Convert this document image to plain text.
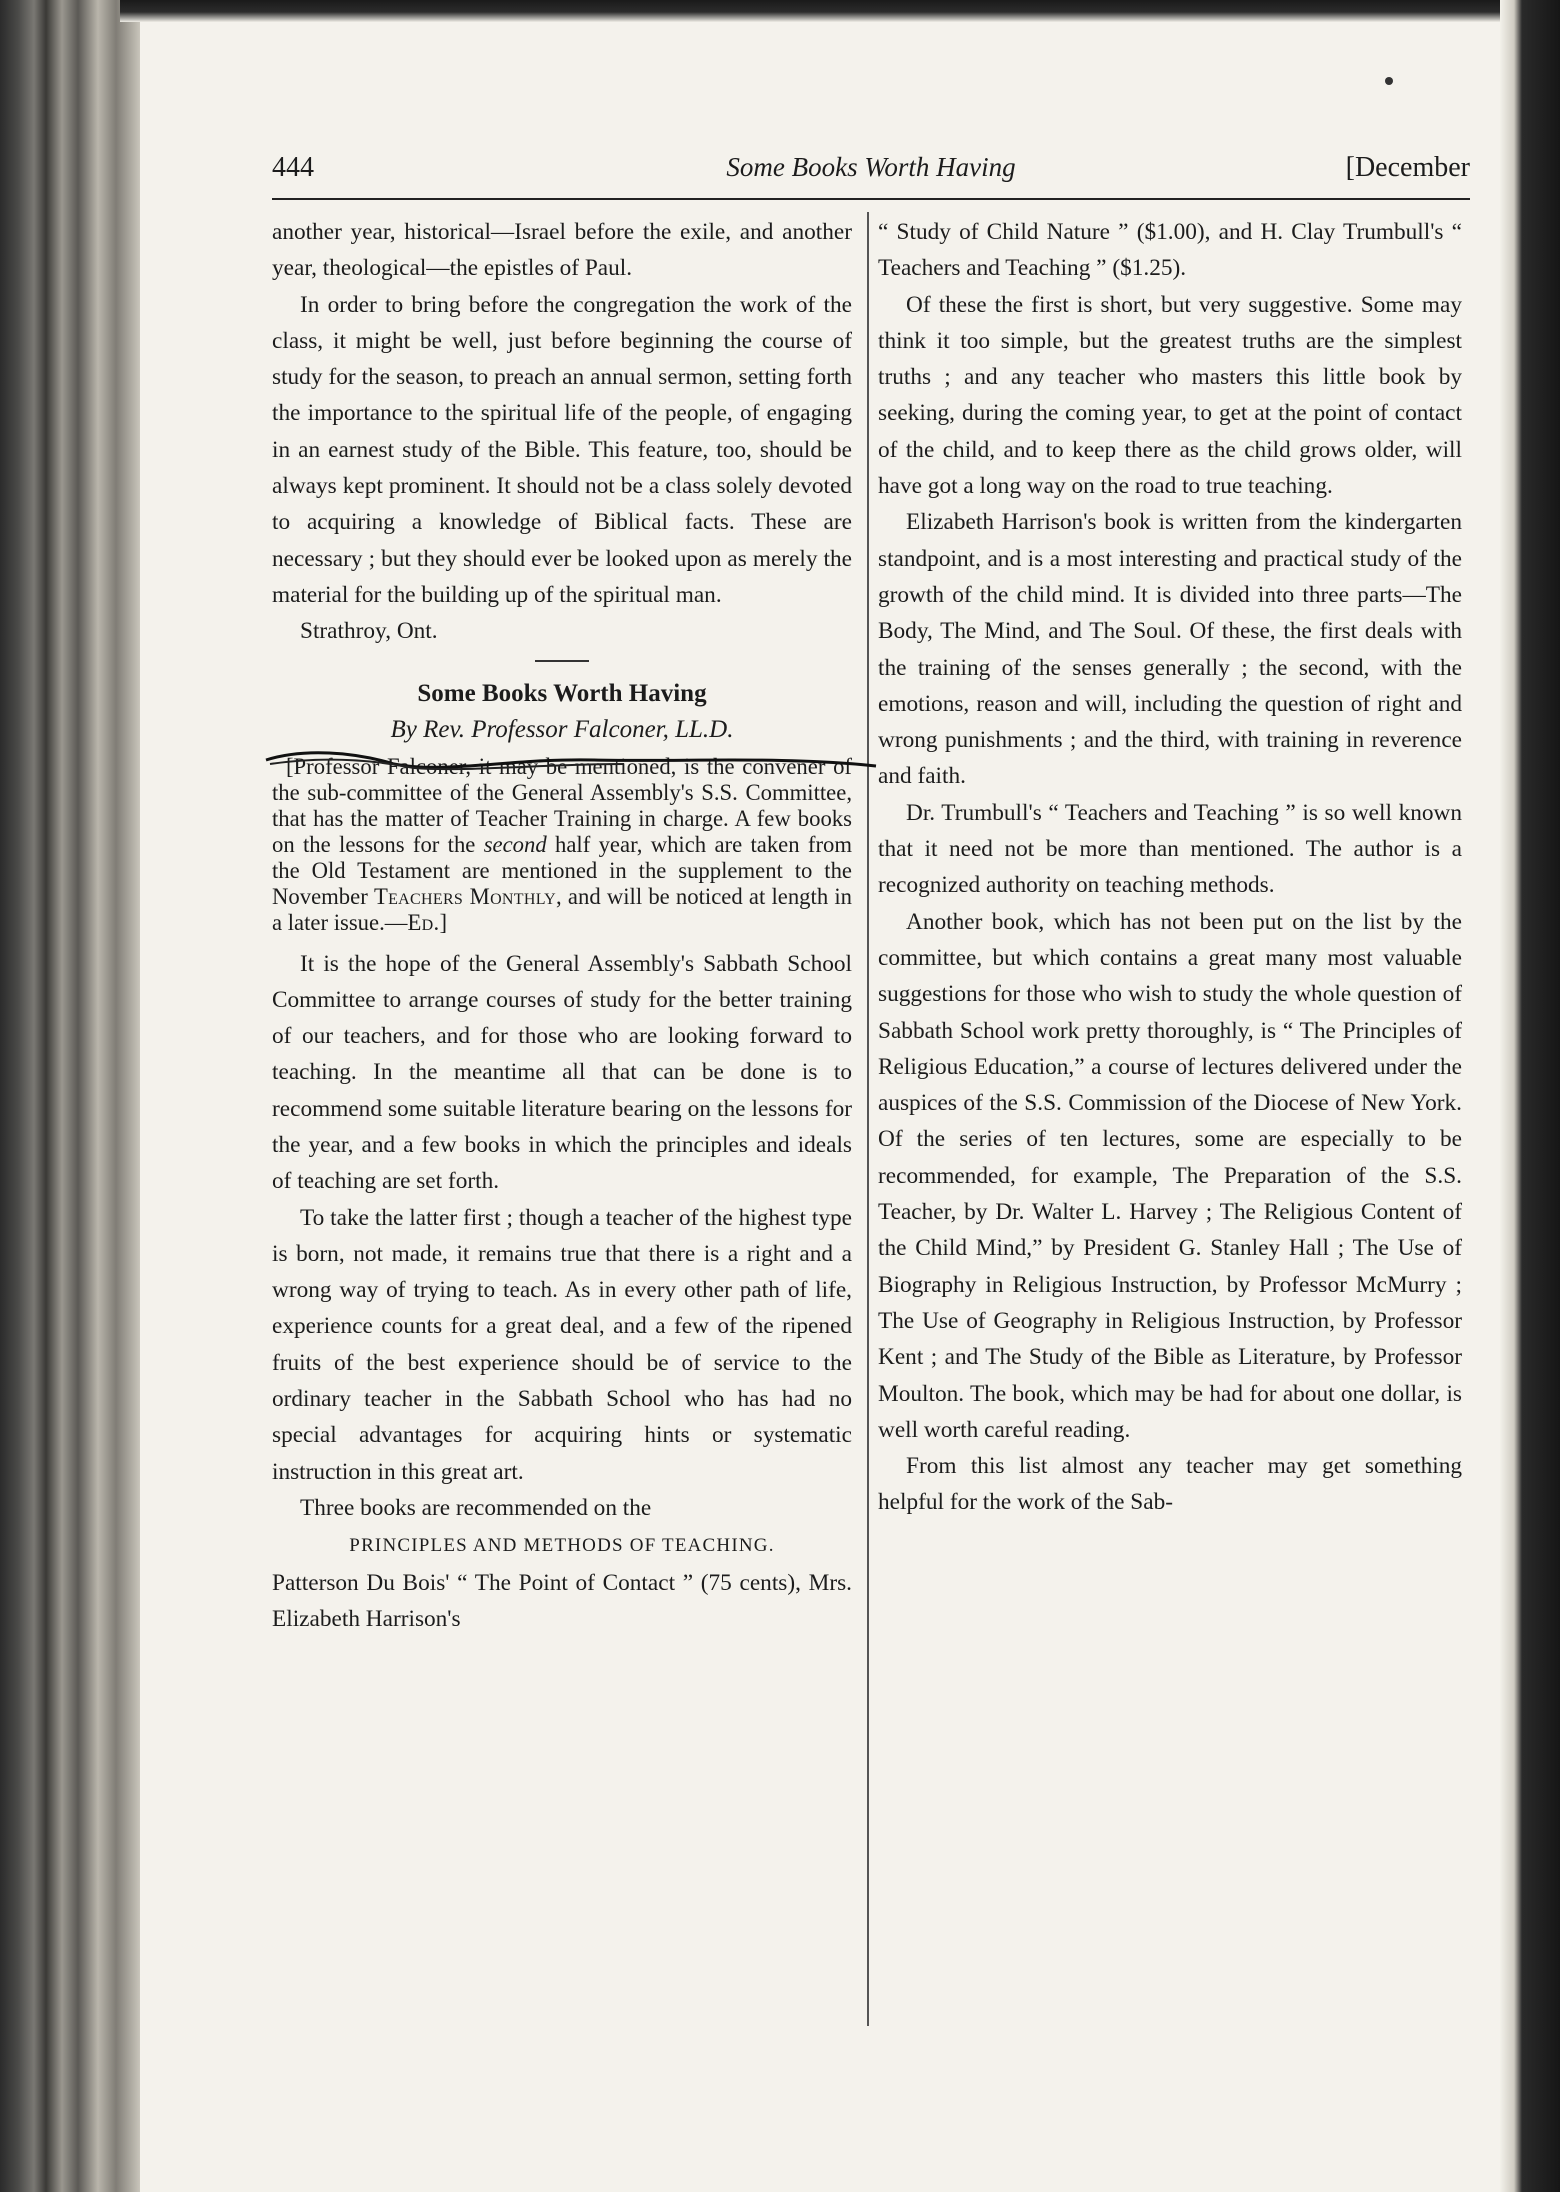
444	Some Books Worth Having	[December

another year, historical—Israel before the exile, and another year, theological—the epistles of Paul.

In order to bring before the congregation the work of the class, it might be well, just before beginning the course of study for the season, to preach an annual sermon, setting forth the importance to the spiritual life of the people, of engaging in an earnest study of the Bible. This feature, too, should be always kept prominent. It should not be a class solely devoted to acquiring a knowledge of Biblical facts. These are necessary ; but they should ever be looked upon as merely the material for the building up of the spiritual man.

Strathroy, Ont.

Some Books Worth Having

By Rev. Professor Falconer, LL.D.

[Professor Falconer, it may be mentioned, is the convener of the sub-committee of the General Assembly's S.S. Committee, that has the matter of Teacher Training in charge. A few books on the lessons for the second half year, which are taken from the Old Testament are mentioned in the supplement to the November Teachers Monthly, and will be noticed at length in a later issue.—Ed.]

It is the hope of the General Assembly's Sabbath School Committee to arrange courses of study for the better training of our teachers, and for those who are looking forward to teaching. In the meantime all that can be done is to recommend some suitable literature bearing on the lessons for the year, and a few books in which the principles and ideals of teaching are set forth.

To take the latter first ; though a teacher of the highest type is born, not made, it remains true that there is a right and a wrong way of trying to teach. As in every other path of life, experience counts for a great deal, and a few of the ripened fruits of the best experience should be of service to the ordinary teacher in the Sabbath School who has had no special advantages for acquiring hints or systematic instruction in this great art.

Three books are recommended on the

PRINCIPLES AND METHODS OF TEACHING.

Patterson Du Bois' “ The Point of Contact ” (75 cents), Mrs. Elizabeth Harrison's

“ Study of Child Nature ” ($1.00), and H. Clay Trumbull's “ Teachers and Teaching ” ($1.25).

Of these the first is short, but very suggestive. Some may think it too simple, but the greatest truths are the simplest truths ; and any teacher who masters this little book by seeking, during the coming year, to get at the point of contact of the child, and to keep there as the child grows older, will have got a long way on the road to true teaching.

Elizabeth Harrison's book is written from the kindergarten standpoint, and is a most interesting and practical study of the growth of the child mind. It is divided into three parts—The Body, The Mind, and The Soul. Of these, the first deals with the training of the senses generally ; the second, with the emotions, reason and will, including the question of right and wrong punishments ; and the third, with training in reverence and faith.

Dr. Trumbull's “ Teachers and Teaching ” is so well known that it need not be more than mentioned. The author is a recognized authority on teaching methods.

Another book, which has not been put on the list by the committee, but which contains a great many most valuable suggestions for those who wish to study the whole question of Sabbath School work pretty thoroughly, is “ The Principles of Religious Education,” a course of lectures delivered under the auspices of the S.S. Commission of the Diocese of New York. Of the series of ten lectures, some are especially to be recommended, for example, The Preparation of the S.S. Teacher, by Dr. Walter L. Harvey ; The Religious Content of the Child Mind,” by President G. Stanley Hall ; The Use of Biography in Religious Instruction, by Professor McMurry ; The Use of Geography in Religious Instruction, by Professor Kent ; and The Study of the Bible as Literature, by Professor Moulton. The book, which may be had for about one dollar, is well worth careful reading.

From this list almost any teacher may get something helpful for the work of the Sab-
